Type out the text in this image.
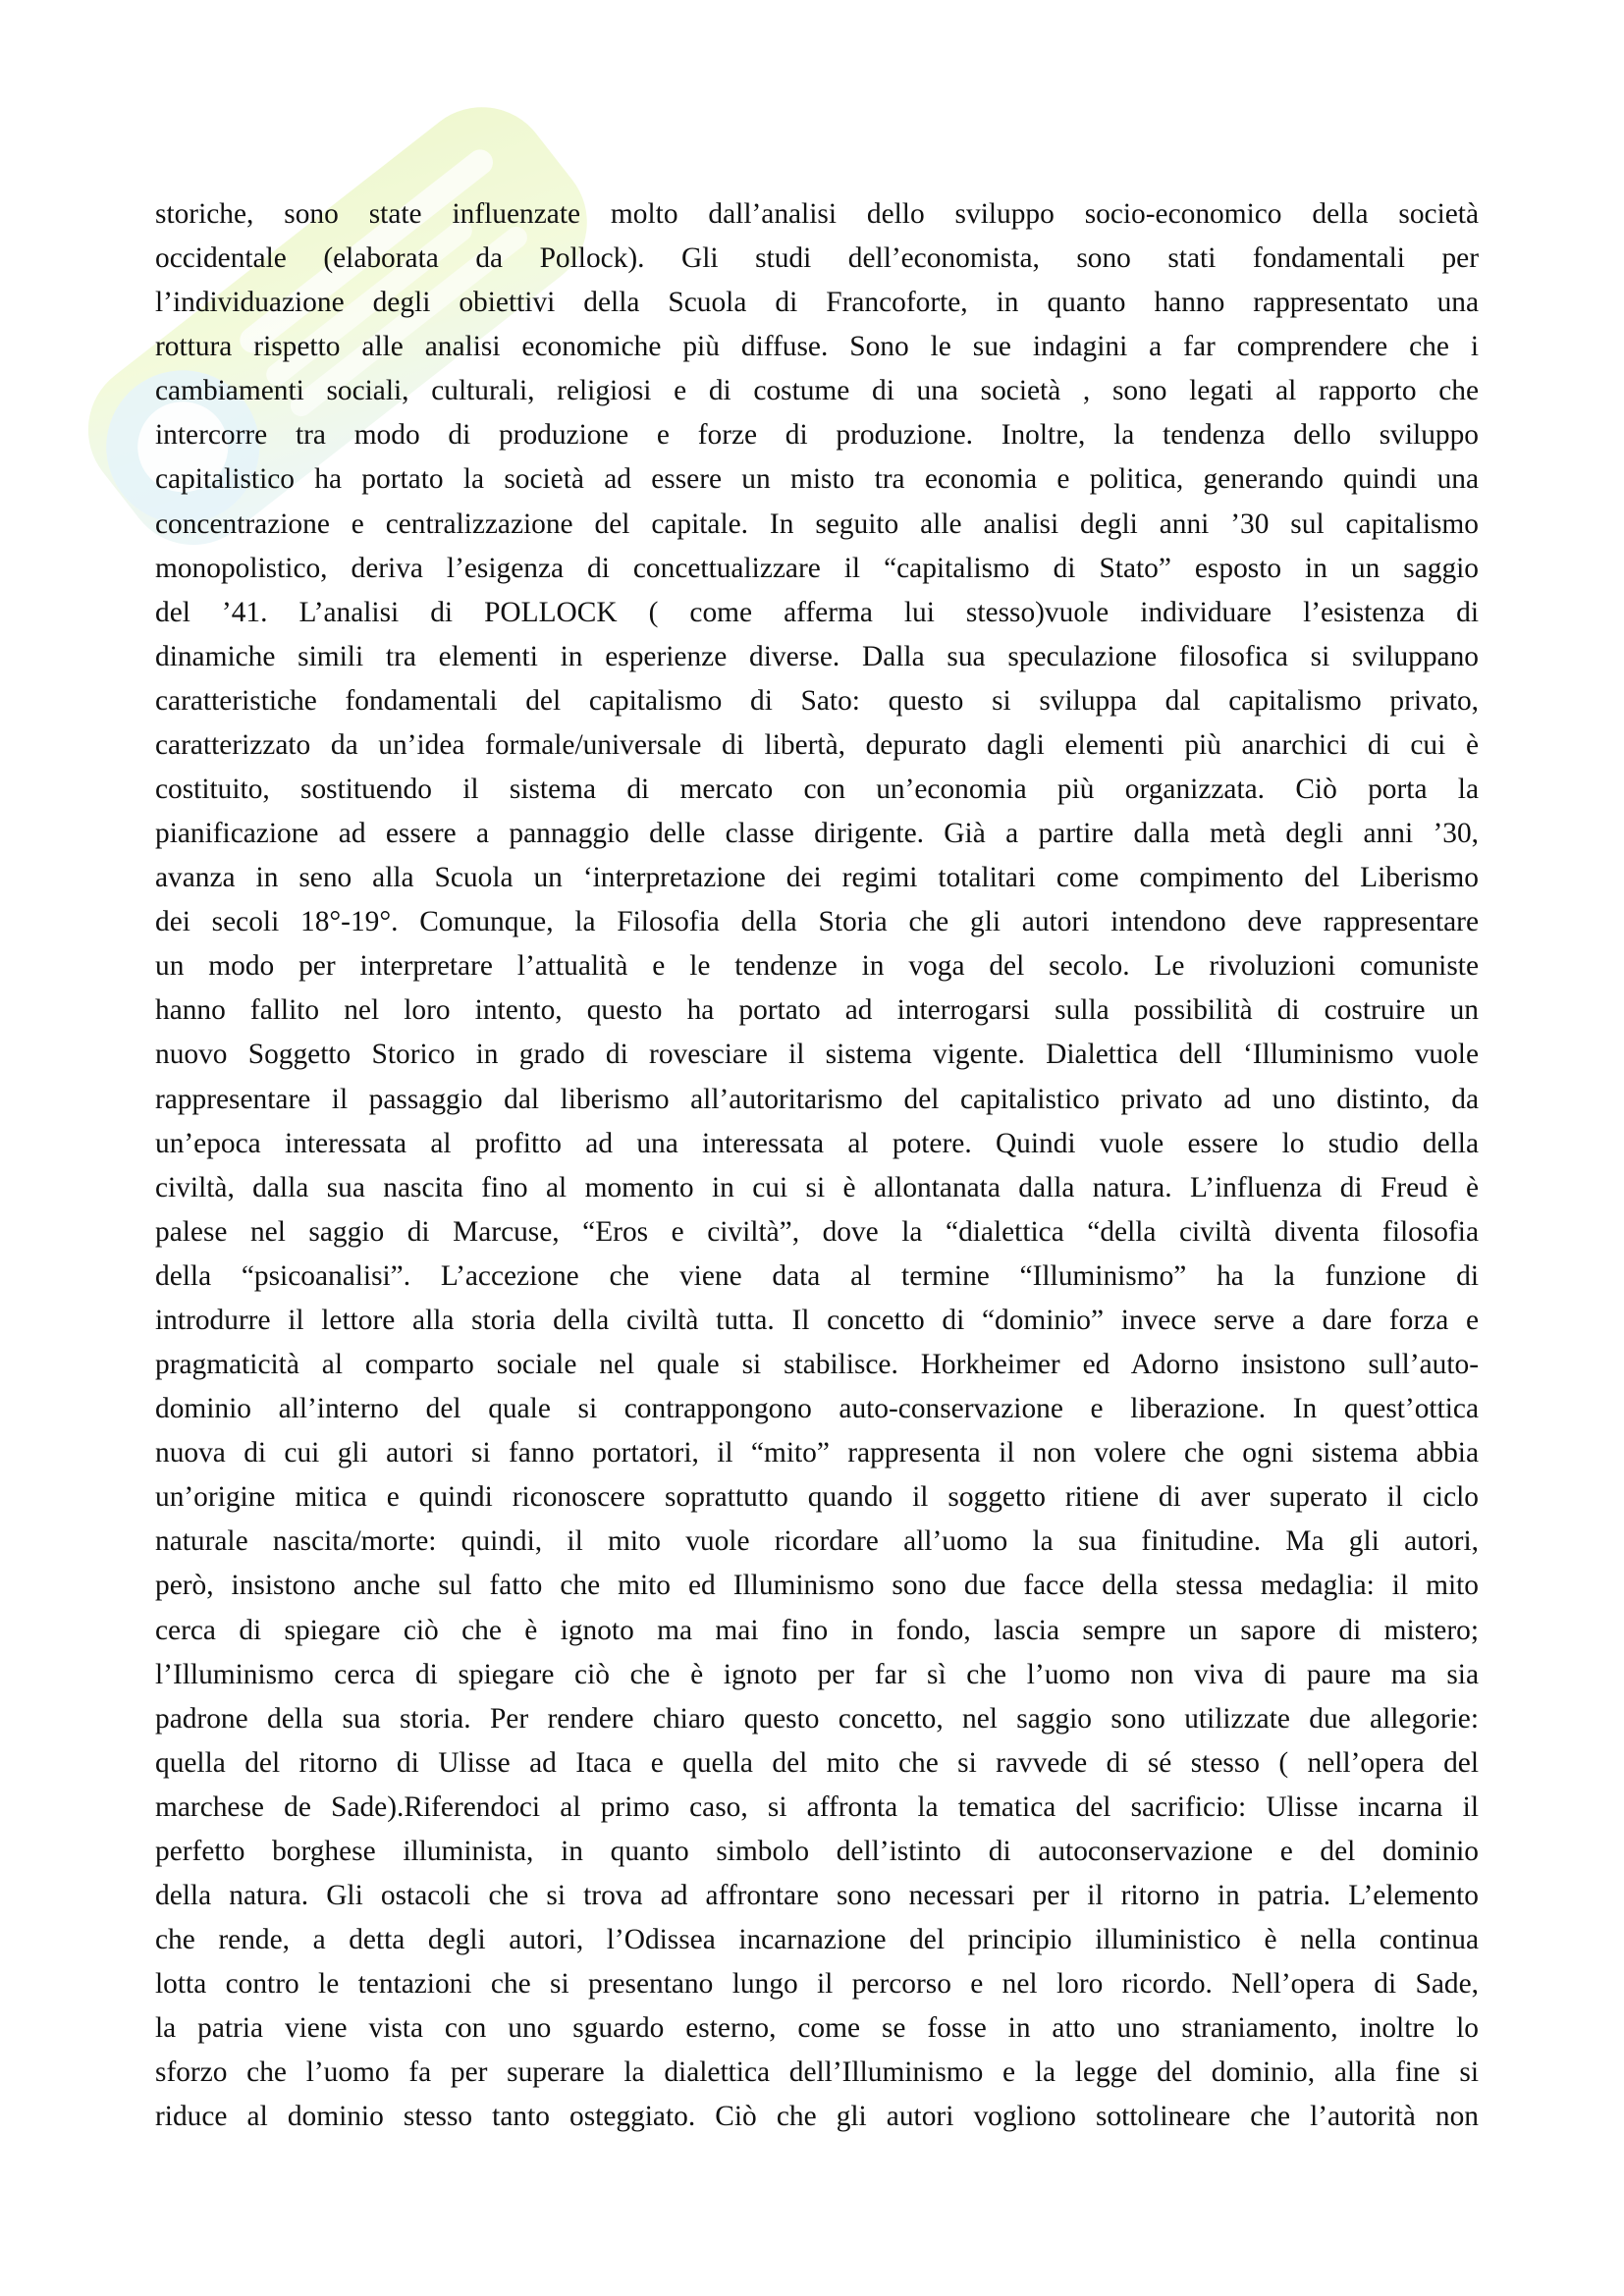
storiche, sono state influenzate molto dall’analisi dello sviluppo socio-economico della società
occidentale (elaborata da Pollock). Gli studi dell’economista, sono stati fondamentali per
l’individuazione degli obiettivi della Scuola di Francoforte, in quanto hanno rappresentato una
rottura rispetto alle analisi economiche più diffuse. Sono le sue indagini a far comprendere che i
cambiamenti sociali, culturali, religiosi e di costume di una società , sono legati al rapporto che
intercorre tra modo di produzione e forze di produzione. Inoltre, la tendenza dello sviluppo
capitalistico ha portato la società ad essere un misto tra economia e politica, generando quindi una
concentrazione e centralizzazione del capitale. In seguito alle analisi degli anni ’30 sul capitalismo
monopolistico, deriva l’esigenza di concettualizzare il “capitalismo di Stato” esposto in un saggio
del ’41. L’analisi di POLLOCK ( come afferma lui stesso)vuole individuare l’esistenza di
dinamiche simili tra elementi in esperienze diverse. Dalla sua speculazione filosofica si sviluppano
caratteristiche fondamentali del capitalismo di Sato: questo si sviluppa dal capitalismo privato,
caratterizzato da un’idea formale/universale di libertà, depurato dagli elementi più anarchici di cui è
costituito, sostituendo il sistema di mercato con un’economia più organizzata. Ciò porta la
pianificazione ad essere a pannaggio delle classe dirigente. Già a partire dalla metà degli anni ’30,
avanza in seno alla Scuola un ‘interpretazione dei regimi totalitari come compimento del Liberismo
dei secoli 18°-19°. Comunque, la Filosofia della Storia che gli autori intendono deve rappresentare
un modo per interpretare l’attualità e le tendenze in voga del secolo. Le rivoluzioni comuniste
hanno fallito nel loro intento, questo ha portato ad interrogarsi sulla possibilità di costruire un
nuovo Soggetto Storico in grado di rovesciare il sistema vigente. Dialettica dell ‘Illuminismo vuole
rappresentare il passaggio dal liberismo all’autoritarismo del capitalistico privato ad uno distinto, da
un’epoca interessata al profitto ad una interessata al potere. Quindi vuole essere lo studio della
civiltà, dalla sua nascita fino al momento in cui si è allontanata dalla natura. L’influenza di Freud è
palese nel saggio di Marcuse, “Eros e civiltà”, dove la “dialettica “della civiltà diventa filosofia
della “psicoanalisi”. L’accezione che viene data al termine “Illuminismo” ha la funzione di
introdurre il lettore alla storia della civiltà tutta. Il concetto di “dominio” invece serve a dare forza e
pragmaticità al comparto sociale nel quale si stabilisce. Horkheimer ed Adorno insistono sull’auto-
dominio all’interno del quale si contrappongono auto-conservazione e liberazione. In quest’ottica
nuova di cui gli autori si fanno portatori, il “mito” rappresenta il non volere che ogni sistema abbia
un’origine mitica e quindi riconoscere soprattutto quando il soggetto ritiene di aver superato il ciclo
naturale nascita/morte: quindi, il mito vuole ricordare all’uomo la sua finitudine. Ma gli autori,
però, insistono anche sul fatto che mito ed Illuminismo sono due facce della stessa medaglia: il mito
cerca di spiegare ciò che è ignoto ma mai fino in fondo, lascia sempre un sapore di mistero;
l’Illuminismo cerca di spiegare ciò che è ignoto per far sì che l’uomo non viva di paure ma sia
padrone della sua storia. Per rendere chiaro questo concetto, nel saggio sono utilizzate due allegorie:
quella del ritorno di Ulisse ad Itaca e quella del mito che si ravvede di sé stesso ( nell’opera del
marchese de Sade).Riferendoci al primo caso, si affronta la tematica del sacrificio: Ulisse incarna il
perfetto borghese illuminista, in quanto simbolo dell’istinto di autoconservazione e del dominio
della natura. Gli ostacoli che si trova ad affrontare sono necessari per il ritorno in patria. L’elemento
che rende, a detta degli autori, l’Odissea incarnazione del principio illuministico è nella continua
lotta contro le tentazioni che si presentano lungo il percorso e nel loro ricordo. Nell’opera di Sade,
la patria viene vista con uno sguardo esterno, come se fosse in atto uno straniamento, inoltre lo
sforzo che l’uomo fa per superare la dialettica dell’Illuminismo e la legge del dominio, alla fine si
riduce al dominio stesso tanto osteggiato. Ciò che gli autori vogliono sottolineare che l’autorità non
